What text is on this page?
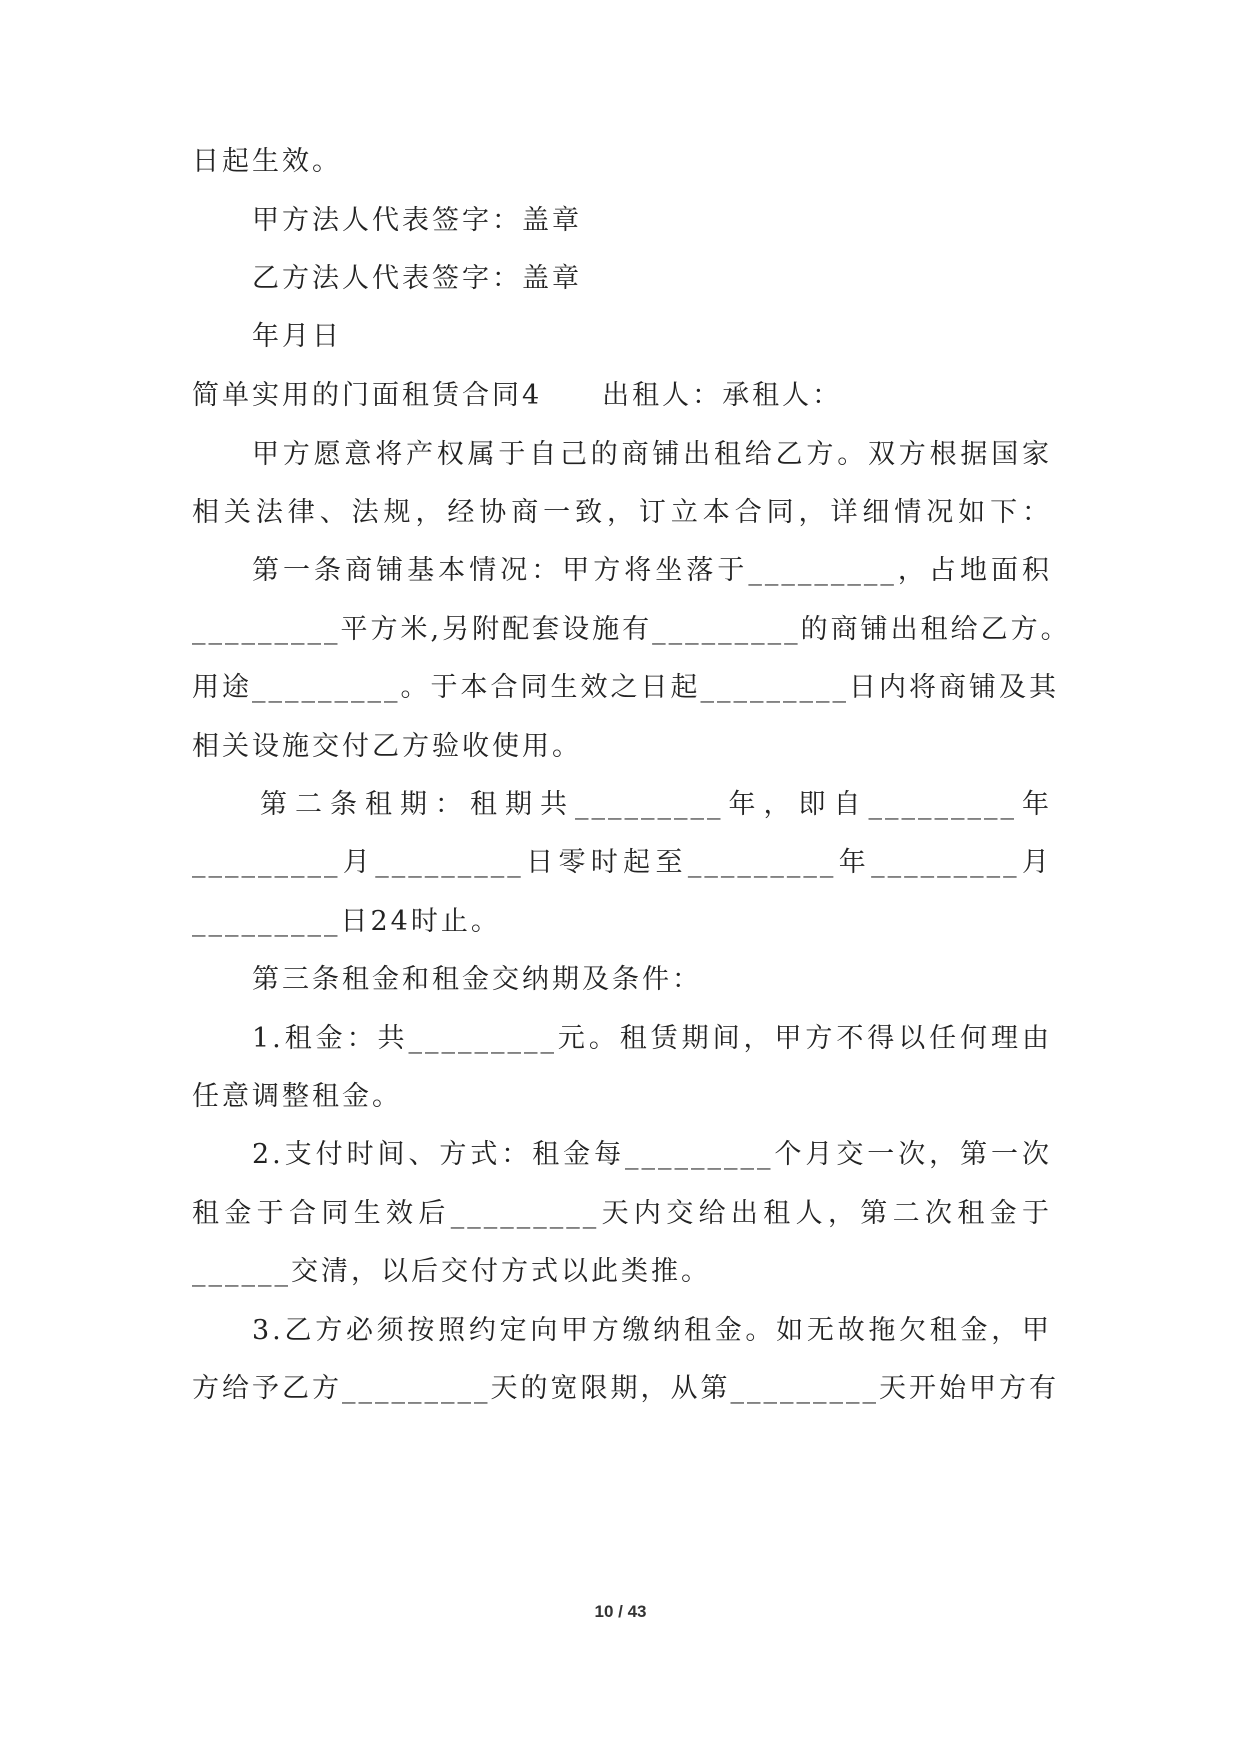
日起生效。
甲方法人代表签字：盖章
乙方法人代表签字：盖章
年月日
简单实用的门面租赁合同4　　出租人：承租人：
甲方愿意将产权属于自己的商铺出租给乙方。双方根据国家
相关法律、法规，经协商一致，订立本合同，详细情况如下：
第一条商铺基本情况：甲方将坐落于_________，占地面积
_________平方米,另附配套设施有_________的商铺出租给乙方。
用途_________。于本合同生效之日起_________日内将商铺及其
相关设施交付乙方验收使用。
第二条租期：租期共_________年，即自_________年
_________月_________日零时起至_________年_________月
_________日24时止。
第三条租金和租金交纳期及条件：
1.租金：共_________元。租赁期间，甲方不得以任何理由
任意调整租金。
2.支付时间、方式：租金每_________个月交一次，第一次
租金于合同生效后_________天内交给出租人，第二次租金于
______交清，以后交付方式以此类推。
3.乙方必须按照约定向甲方缴纳租金。如无故拖欠租金，甲
方给予乙方_________天的宽限期，从第_________天开始甲方有
10 / 43
